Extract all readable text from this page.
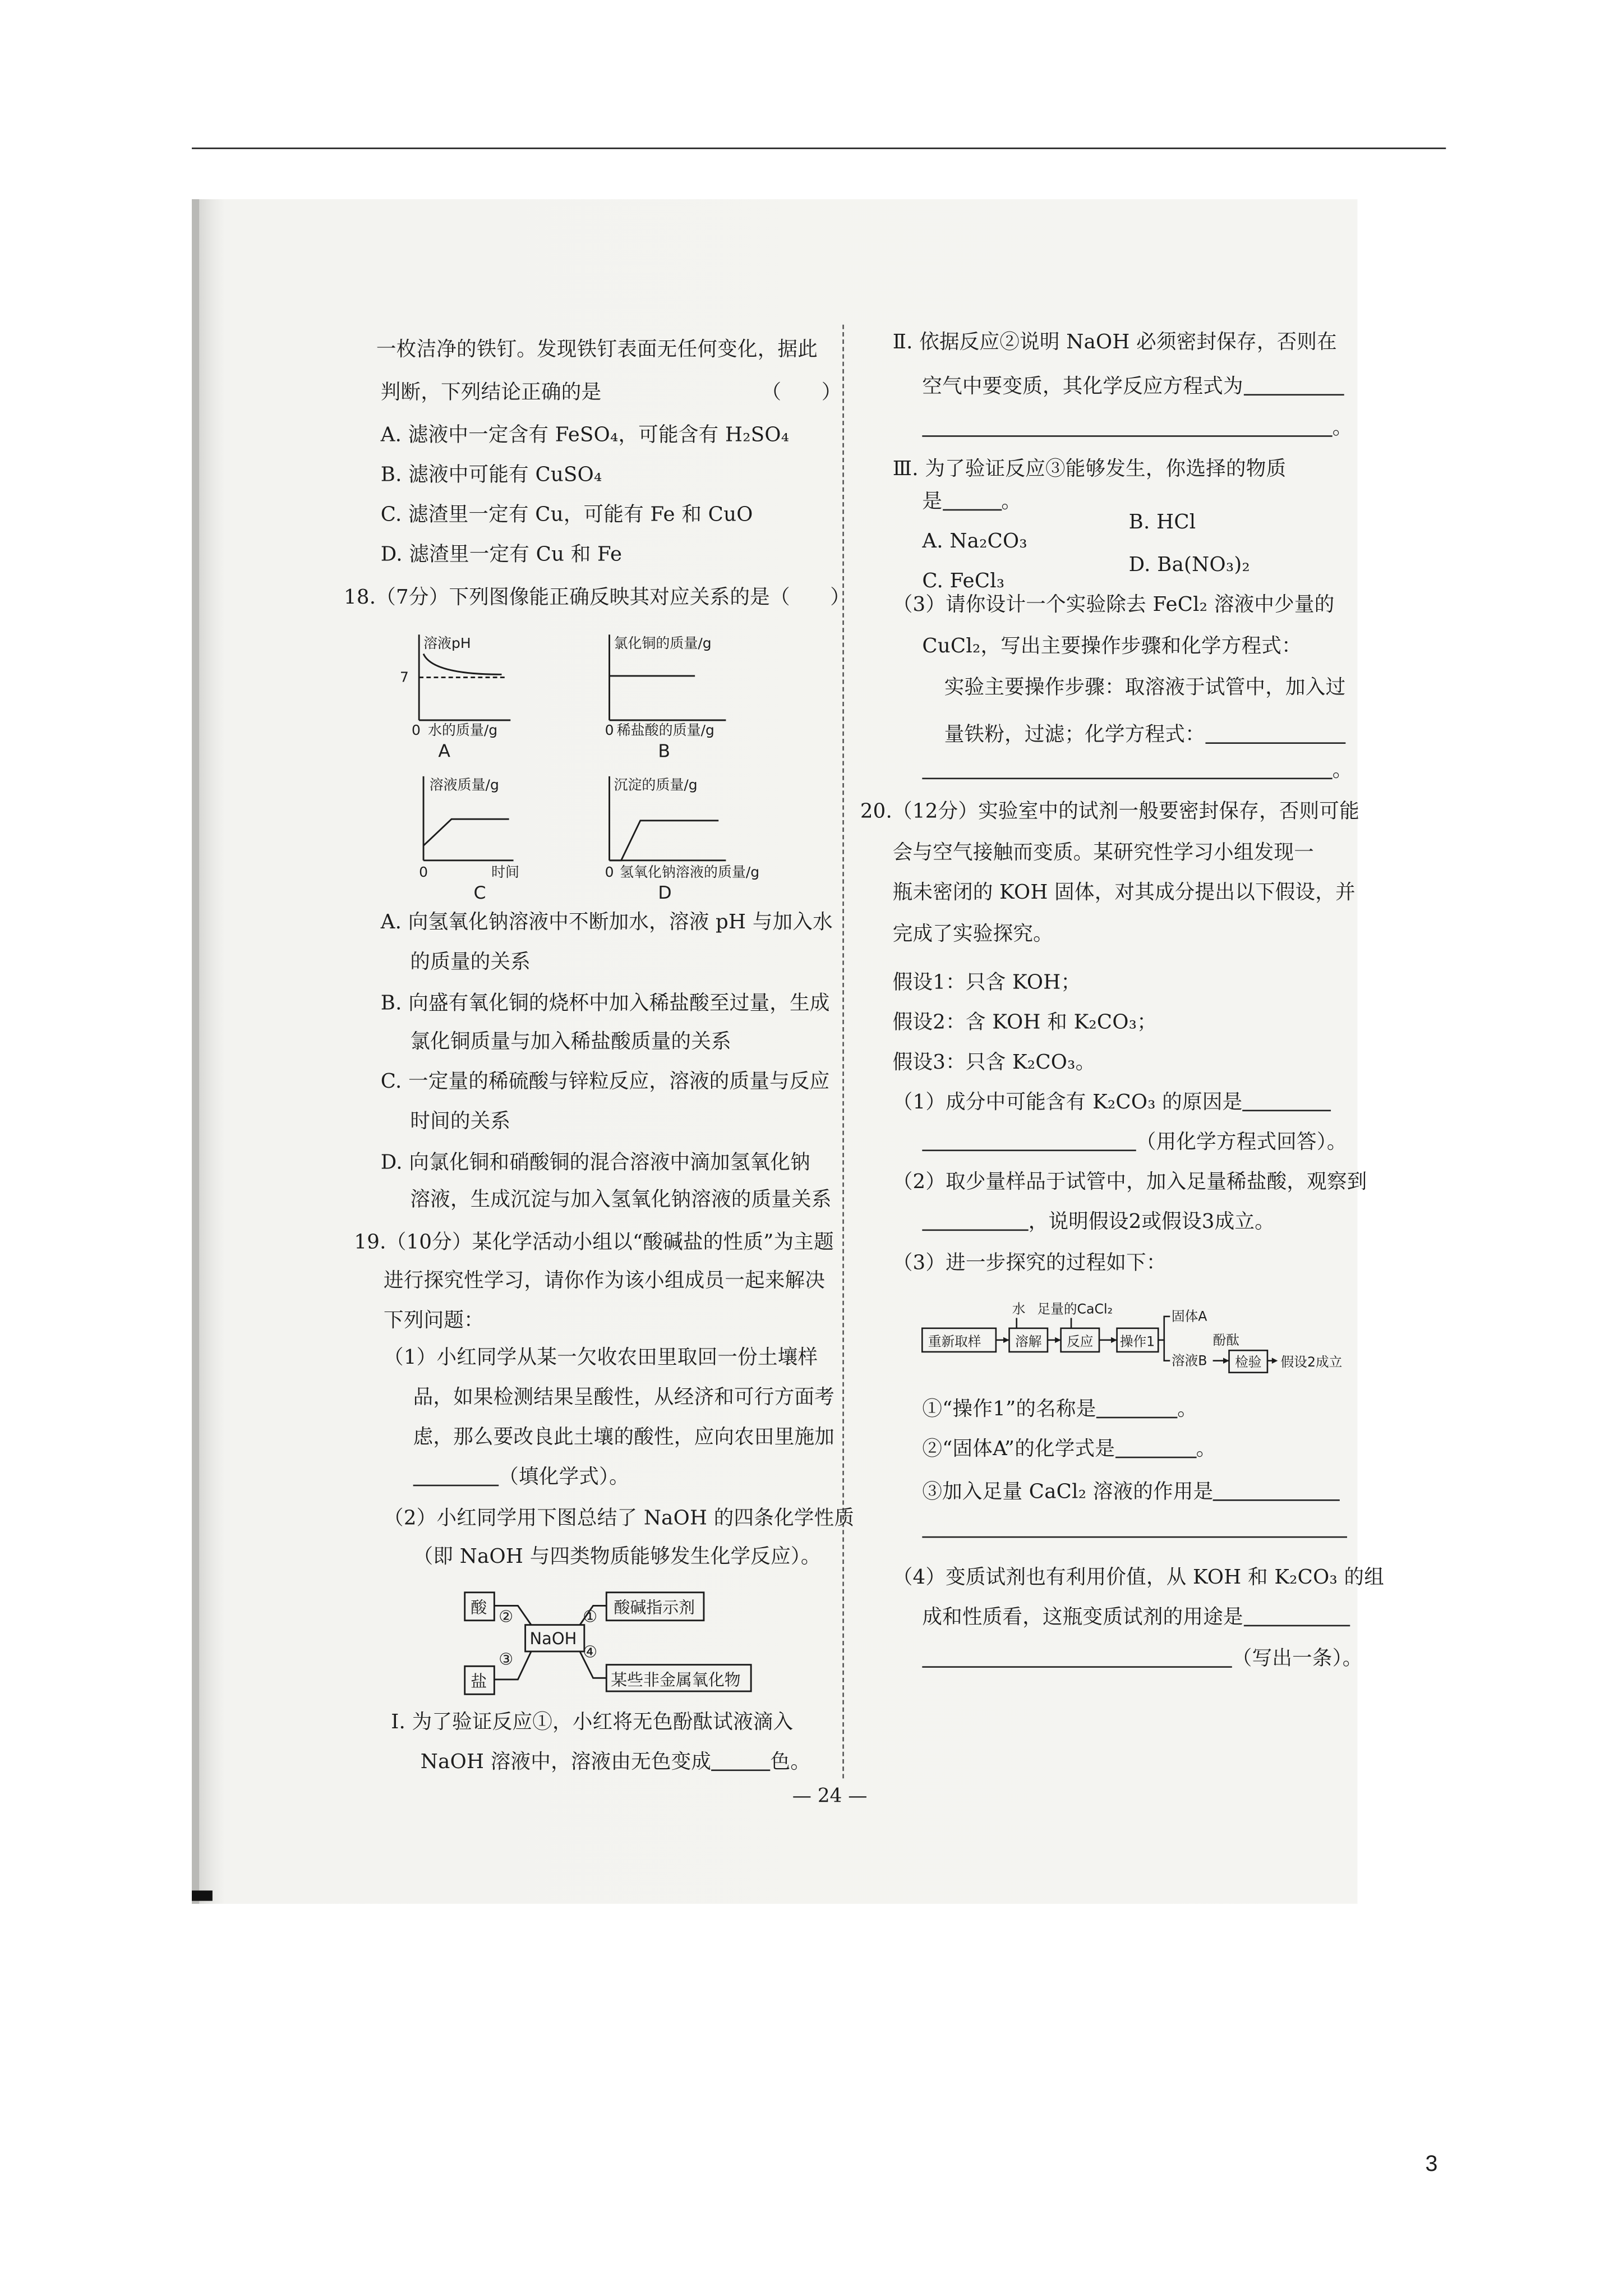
一枚洁净的铁钉。发现铁钉表面无任何变化，据此
判断，下列结论正确的是	（　　）
A. 滤液中一定含有 FeSO₄，可能含有 H₂SO₄
B. 滤液中可能有 CuSO₄
C. 滤渣里一定有 Cu，可能有 Fe 和 CuO
D. 滤渣里一定有 Cu 和 Fe
18.（7分）下列图像能正确反映其对应关系的是（　　）
A. 向氢氧化钠溶液中不断加水，溶液 pH 与加入水
的质量的关系
B. 向盛有氧化铜的烧杯中加入稀盐酸至过量，生成
氯化铜质量与加入稀盐酸质量的关系
C. 一定量的稀硫酸与锌粒反应，溶液的质量与反应
时间的关系
D. 向氯化铜和硝酸铜的混合溶液中滴加氢氧化钠
溶液，生成沉淀与加入氢氧化钠溶液的质量关系
19.（10分）某化学活动小组以“酸碱盐的性质”为主题
进行探究性学习，请你作为该小组成员一起来解决
下列问题：
（1）小红同学从某一欠收农田里取回一份土壤样
品，如果检测结果呈酸性，从经济和可行方面考
虑，那么要改良此土壤的酸性，应向农田里施加
（填化学式）。
（2）小红同学用下图总结了 NaOH 的四条化学性质
（即 NaOH 与四类物质能够发生化学反应）。
Ⅰ. 为了验证反应①，小红将无色酚酞试液滴入
NaOH 溶液中，溶液由无色变成	色。
Ⅱ. 依据反应②说明 NaOH 必须密封保存，否则在
空气中要变质，其化学反应方程式为
。
Ⅲ. 为了验证反应③能够发生，你选择的物质
是	。
A. Na₂CO₃
B. HCl
C. FeCl₃
D. Ba(NO₃)₂
（3）请你设计一个实验除去 FeCl₂ 溶液中少量的
CuCl₂，写出主要操作步骤和化学方程式：
实验主要操作步骤：取溶液于试管中，加入过
量铁粉，过滤；化学方程式：
。
20.（12分）实验室中的试剂一般要密封保存，否则可能
会与空气接触而变质。某研究性学习小组发现一
瓶未密闭的 KOH 固体，对其成分提出以下假设，并
完成了实验探究。
假设1：只含 KOH；
假设2：含 KOH 和 K₂CO₃；
假设3：只含 K₂CO₃。
（1）成分中可能含有 K₂CO₃ 的原因是
（用化学方程式回答）。
（2）取少量样品于试管中，加入足量稀盐酸，观察到
，说明假设2或假设3成立。
（3）进一步探究的过程如下：
①“操作1”的名称是	。
②“固体A”的化学式是	。
③加入足量 CaCl₂ 溶液的作用是
（4）变质试剂也有利用价值，从 KOH 和 K₂CO₃ 的组
成和性质看，这瓶变质试剂的用途是
（写出一条）。
— 24 —
3
溶液pH
7
0 水的质量/g
A
氯化铜的质量/g
0 稀盐酸的质量/g
B
溶液质量/g
0	时间
C
沉淀的质量/g
0 氢氧化钠溶液的质量/g
D
酸
盐
NaOH
酸碱指示剂
某些非金属氧化物
②	①
③	④
水 足量的CaCl₂
重新取样	溶解	反应	操作1
固体A
溶液B
酚酞
检验	假设2成立
